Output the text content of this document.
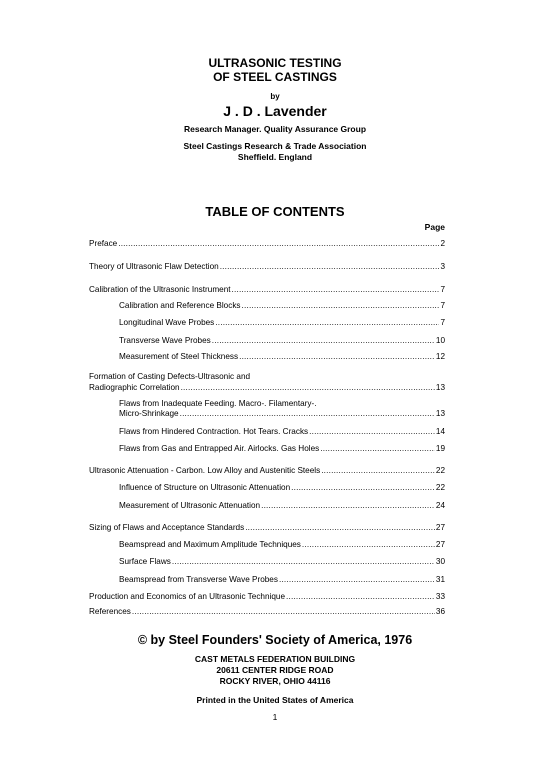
ULTRASONIC TESTING
OF STEEL CASTINGS
by
J . D . Lavender
Research Manager. Quality Assurance Group
Steel Castings Research & Trade Association
Sheffield. England
TABLE OF CONTENTS
Page
Preface .....	2
Theory of Ultrasonic Flaw Detection .....	3
Calibration of the Ultrasonic Instrument .....	7
Calibration and Reference Blocks .....	7
Longitudinal Wave Probes .....	7
Transverse Wave Probes .....	10
Measurement of Steel Thickness .....	12
Formation of Casting Defects-Ultrasonic and
Radiographic Correlation .....	13
Flaws from Inadequate Feeding. Macro-. Filamentary-.
Micro-Shrinkage .....	13
Flaws from Hindered Contraction. Hot Tears. Cracks .....	14
Flaws from Gas and Entrapped Air. Airlocks. Gas Holes .....	19
Ultrasonic Attenuation - Carbon. Low Alloy and Austenitic Steels .....	22
Influence of Structure on Ultrasonic Attenuation .....	22
Measurement of Ultrasonic Attenuation .....	24
Sizing of Flaws and Acceptance Standards .....	27
Beamspread and Maximum Amplitude Techniques .....	27
Surface Flaws .....	30
Beamspread from Transverse Wave Probes .....	31
Production and Economics of an Ultrasonic Technique .....	33
References .....	36
© by Steel Founders' Society of America, 1976
CAST METALS FEDERATION BUILDING
20611 CENTER RIDGE ROAD
ROCKY RIVER, OHIO 44116
Printed in the United States of America
1
